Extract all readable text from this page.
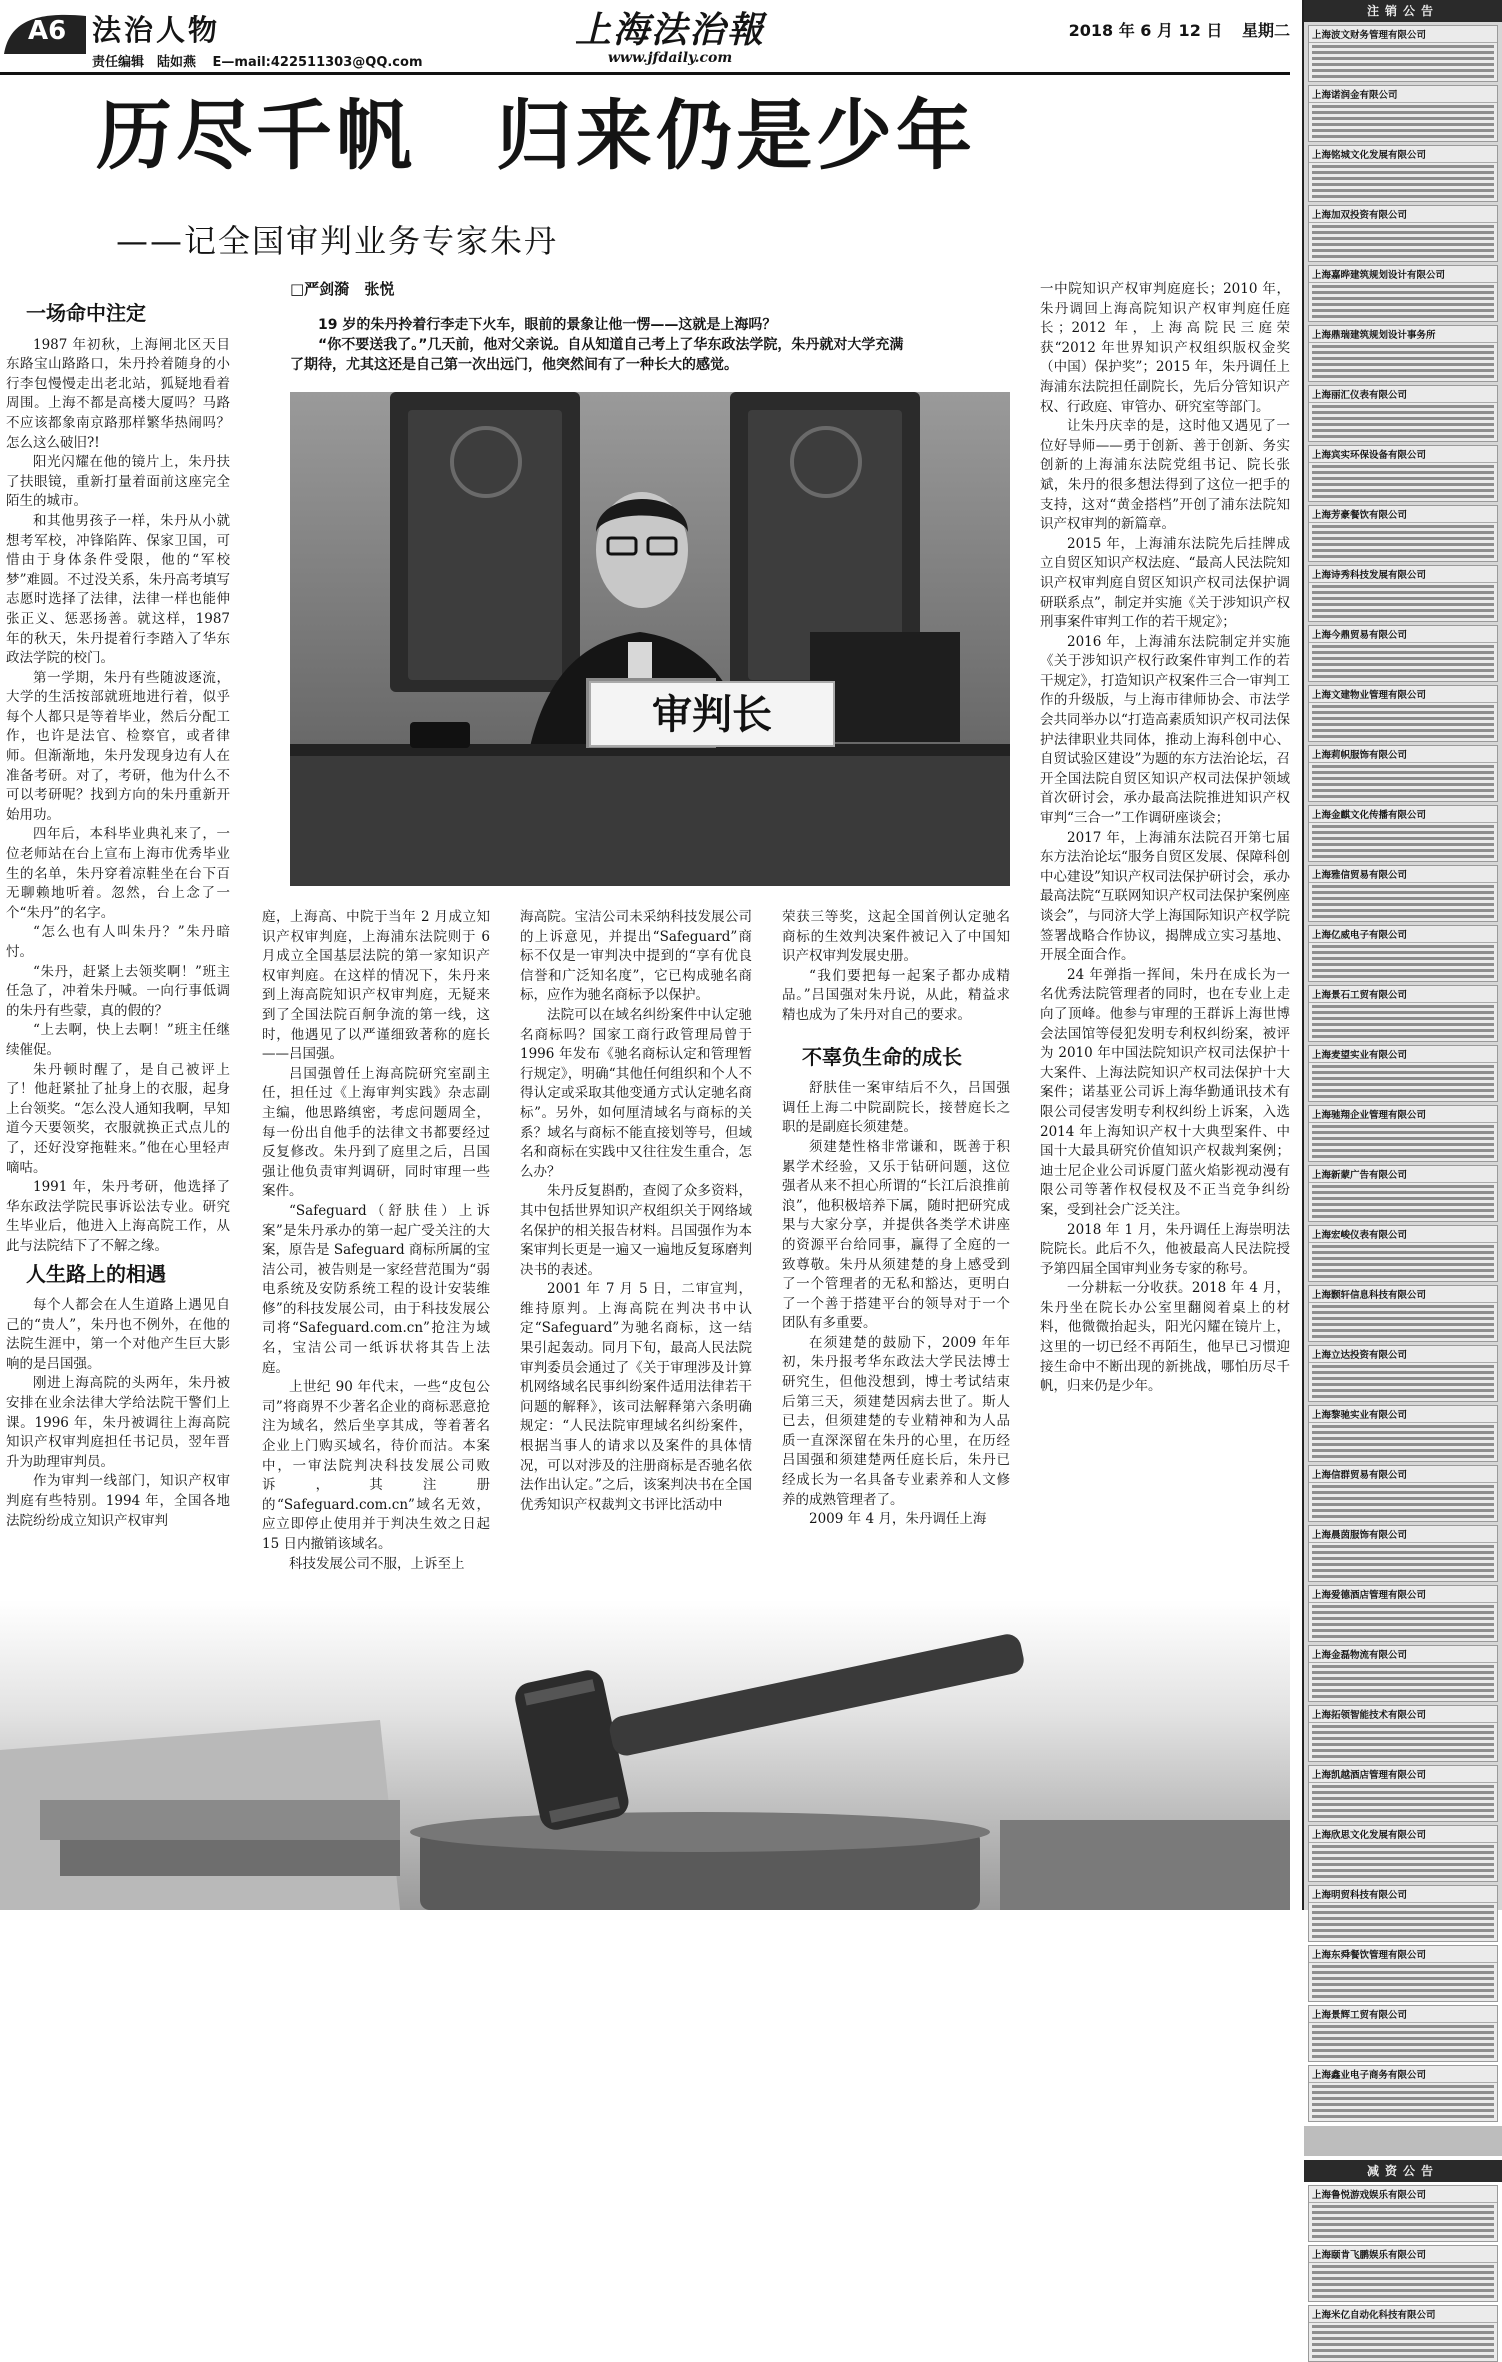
A6 法治人物
责任编辑　陆如燕 E—mail:422511303@QQ.com
上海法治報
www.jfdaily.com
2018 年 6 月 12 日 星期二
历尽千帆　归来仍是少年
——记全国审判业务专家朱丹
□严剑漪 张悦

19 岁的朱丹拎着行李走下火车，眼前的景象让他一愣——这就是上海吗？

“你不要送我了。”几天前，他对父亲说。自从知道自己考上了华东政法学院，朱丹就对大学充满

了期待，尤其这还是自己第一次出远门，他突然间有了一种长大的感觉。

一场命中注定

1987 年初秋，上海闸北区天目东路宝山路路口，朱丹拎着随身的小行李包慢慢走出老北站，狐疑地看着周围。上海不都是高楼大厦吗？马路不应该都象南京路那样繁华热闹吗？怎么这么破旧?!

阳光闪耀在他的镜片上，朱丹扶了扶眼镜，重新打量着面前这座完全陌生的城市。

和其他男孩子一样，朱丹从小就想考军校，冲锋陷阵、保家卫国，可惜由于身体条件受限，他的“军校梦”难圆。不过没关系，朱丹高考填写志愿时选择了法律，法律一样也能伸张正义、惩恶扬善。就这样，1987 年的秋天，朱丹提着行李踏入了华东政法学院的校门。

第一学期，朱丹有些随波逐流，大学的生活按部就班地进行着，似乎每个人都只是等着毕业，然后分配工作，也许是法官、检察官，或者律师。但渐渐地，朱丹发现身边有人在准备考研。对了，考研，他为什么不可以考研呢？找到方向的朱丹重新开始用功。

四年后，本科毕业典礼来了，一位老师站在台上宣布上海市优秀毕业生的名单，朱丹穿着凉鞋坐在台下百无聊赖地听着。忽然，台上念了一个“朱丹”的名字。

“怎么也有人叫朱丹？”朱丹暗忖。

“朱丹，赶紧上去领奖啊！”班主任急了，冲着朱丹喊。一向行事低调的朱丹有些蒙，真的假的？

“上去啊，快上去啊！”班主任继续催促。

朱丹顿时醒了，是自己被评上了！他赶紧扯了扯身上的衣服，起身上台领奖。“怎么没人通知我啊，早知道今天要领奖，衣服就换正式点儿的了，还好没穿拖鞋来。”他在心里轻声嘀咕。

1991 年，朱丹考研，他选择了华东政法学院民事诉讼法专业。研究生毕业后，他进入上海高院工作，从此与法院结下了不解之缘。

人生路上的相遇

每个人都会在人生道路上遇见自己的“贵人”，朱丹也不例外，在他的法院生涯中，第一个对他产生巨大影响的是吕国强。

刚进上海高院的头两年，朱丹被安排在业余法律大学给法院干警们上课。1996 年，朱丹被调往上海高院知识产权审判庭担任书记员，翌年晋升为助理审判员。

作为审判一线部门，知识产权审判庭有些特别。1994 年，全国各地法院纷纷成立知识产权审判

审判长

庭，上海高、中院于当年 2 月成立知识产权审判庭，上海浦东法院则于 6 月成立全国基层法院的第一家知识产权审判庭。在这样的情况下，朱丹来到上海高院知识产权审判庭，无疑来到了全国法院百舸争流的第一线，这时，他遇见了以严谨细致著称的庭长——吕国强。

吕国强曾任上海高院研究室副主任，担任过《上海审判实践》杂志副主编，他思路缜密，考虑问题周全，每一份出自他手的法律文书都要经过反复修改。朱丹到了庭里之后，吕国强让他负责审判调研，同时审理一些案件。

“Safeguard（舒肤佳）上诉案”是朱丹承办的第一起广受关注的大案，原告是 Safeguard 商标所属的宝洁公司，被告则是一家经营范围为“弱电系统及安防系统工程的设计安装维修”的科技发展公司，由于科技发展公司将“Safeguard.com.cn”抢注为域名，宝洁公司一纸诉状将其告上法庭。

上世纪 90 年代末，一些“皮包公司”将商界不少著名企业的商标恶意抢注为域名，然后坐享其成，等着著名企业上门购买域名，待价而沽。本案中，一审法院判决科技发展公司败诉，其注册的“Safeguard.com.cn”域名无效，应立即停止使用并于判决生效之日起 15 日内撤销该域名。

科技发展公司不服，上诉至上

海高院。宝洁公司未采纳科技发展公司的上诉意见，并提出“Safeguard”商标不仅是一审判决中提到的“享有优良信誉和广泛知名度”，它已构成驰名商标，应作为驰名商标予以保护。

法院可以在域名纠纷案件中认定驰名商标吗？国家工商行政管理局曾于 1996 年发布《驰名商标认定和管理暂行规定》，明确“其他任何组织和个人不得认定或采取其他变通方式认定驰名商标”。另外，如何厘清域名与商标的关系？域名与商标不能直接划等号，但域名和商标在实践中又往往发生重合，怎么办？

朱丹反复斟酌，查阅了众多资料，其中包括世界知识产权组织关于网络域名保护的相关报告材料。吕国强作为本案审判长更是一遍又一遍地反复琢磨判决书的表述。

2001 年 7 月 5 日，二审宣判，维持原判。上海高院在判决书中认定“Safeguard”为驰名商标，这一结果引起轰动。同月下旬，最高人民法院审判委员会通过了《关于审理涉及计算机网络域名民事纠纷案件适用法律若干问题的解释》，该司法解释第六条明确规定：“人民法院审理域名纠纷案件，根据当事人的请求以及案件的具体情况，可以对涉及的注册商标是否驰名依法作出认定。”之后，该案判决书在全国优秀知识产权裁判文书评比活动中

荣获三等奖，这起全国首例认定驰名商标的生效判决案件被记入了中国知识产权审判发展史册。

“我们要把每一起案子都办成精品。”吕国强对朱丹说，从此，精益求精也成为了朱丹对自己的要求。

不辜负生命的成长

舒肤佳一案审结后不久，吕国强调任上海二中院副院长，接替庭长之职的是副庭长须建楚。

须建楚性格非常谦和，既善于积累学术经验，又乐于钻研问题，这位强者从来不担心所谓的“长江后浪推前浪”，他积极培养下属，随时把研究成果与大家分享，并提供各类学术讲座的资源平台给同事，赢得了全庭的一致尊敬。朱丹从须建楚的身上感受到了一个管理者的无私和豁达，更明白了一个善于搭建平台的领导对于一个团队有多重要。

在须建楚的鼓励下，2009 年年初，朱丹报考华东政法大学民法博士研究生，但他没想到，博士考试结束后第三天，须建楚因病去世了。斯人已去，但须建楚的专业精神和为人品质一直深深留在朱丹的心里，在历经吕国强和须建楚两任庭长后，朱丹已经成长为一名具备专业素养和人文修养的成熟管理者了。

2009 年 4 月，朱丹调任上海

一中院知识产权审判庭庭长；2010 年，朱丹调回上海高院知识产权审判庭任庭长；2012 年，上海高院民三庭荣获“2012 年世界知识产权组织版权金奖（中国）保护奖”；2015 年，朱丹调任上海浦东法院担任副院长，先后分管知识产权、行政庭、审管办、研究室等部门。

让朱丹庆幸的是，这时他又遇见了一位好导师——勇于创新、善于创新、务实创新的上海浦东法院党组书记、院长张斌，朱丹的很多想法得到了这位一把手的支持，这对“黄金搭档”开创了浦东法院知识产权审判的新篇章。

2015 年，上海浦东法院先后挂牌成立自贸区知识产权法庭、“最高人民法院知识产权审判庭自贸区知识产权司法保护调研联系点”，制定并实施《关于涉知识产权刑事案件审判工作的若干规定》；

2016 年，上海浦东法院制定并实施《关于涉知识产权行政案件审判工作的若干规定》，打造知识产权案件三合一审判工作的升级版，与上海市律师协会、市法学会共同举办以“打造高素质知识产权司法保护法律职业共同体，推动上海科创中心、自贸试验区建设”为题的东方法治论坛，召开全国法院自贸区知识产权司法保护领域首次研讨会，承办最高法院推进知识产权审判“三合一”工作调研座谈会；

2017 年，上海浦东法院召开第七届东方法治论坛“服务自贸区发展、保障科创中心建设”知识产权司法保护研讨会，承办最高法院“互联网知识产权司法保护案例座谈会”，与同济大学上海国际知识产权学院签署战略合作协议，揭牌成立实习基地、开展全面合作。

24 年弹指一挥间，朱丹在成长为一名优秀法院管理者的同时，也在专业上走向了顶峰。他参与审理的王群诉上海世博会法国馆等侵犯发明专利权纠纷案，被评为 2010 年中国法院知识产权司法保护十大案件、上海法院知识产权司法保护十大案件；诺基亚公司诉上海华勤通讯技术有限公司侵害发明专利权纠纷上诉案，入选 2014 年上海知识产权十大典型案件、中国十大最具研究价值知识产权裁判案例；迪士尼企业公司诉厦门蓝火焰影视动漫有限公司等著作权侵权及不正当竞争纠纷案，受到社会广泛关注。

2018 年 1 月，朱丹调任上海崇明法院院长。此后不久，他被最高人民法院授予第四届全国审判业务专家的称号。

一分耕耘一分收获。2018 年 4 月，朱丹坐在院长办公室里翻阅着桌上的材料，他微微抬起头，阳光闪耀在镜片上，这里的一切已经不再陌生，他早已习惯迎接生命中不断出现的新挑战，哪怕历尽千帆，归来仍是少年。

注销公告
上海波文财务管理有限公司
上海诺润金有限公司
上海铭城文化发展有限公司
上海加双投资有限公司
上海嘉晔建筑规划设计有限公司
上海鼎瑞建筑规划设计事务所
上海丽汇仪表有限公司
上海宾实环保设备有限公司
上海芳豪餐饮有限公司
上海诗秀科技发展有限公司
上海今鼎贸易有限公司
上海文建物业管理有限公司
上海莉帜服饰有限公司
上海金麒文化传播有限公司
上海雅信贸易有限公司
上海亿威电子有限公司
上海景石工贸有限公司
上海麦望实业有限公司
上海驰翔企业管理有限公司
上海新蒙广告有限公司
上海宏峻仪表有限公司
上海颢轩信息科技有限公司
上海立达投资有限公司
上海黎驰实业有限公司
上海信群贸易有限公司
上海晨茵服饰有限公司
上海爱德酒店管理有限公司
上海金磊物流有限公司
上海拓领智能技术有限公司
上海凯越酒店管理有限公司
上海欣思文化发展有限公司
上海明贸科技有限公司
上海东舜餐饮管理有限公司
上海景辉工贸有限公司
上海鑫业电子商务有限公司
减资公告
上海鲁悦游戏娱乐有限公司
上海颐肯飞鹏娱乐有限公司
上海米亿自动化科技有限公司
